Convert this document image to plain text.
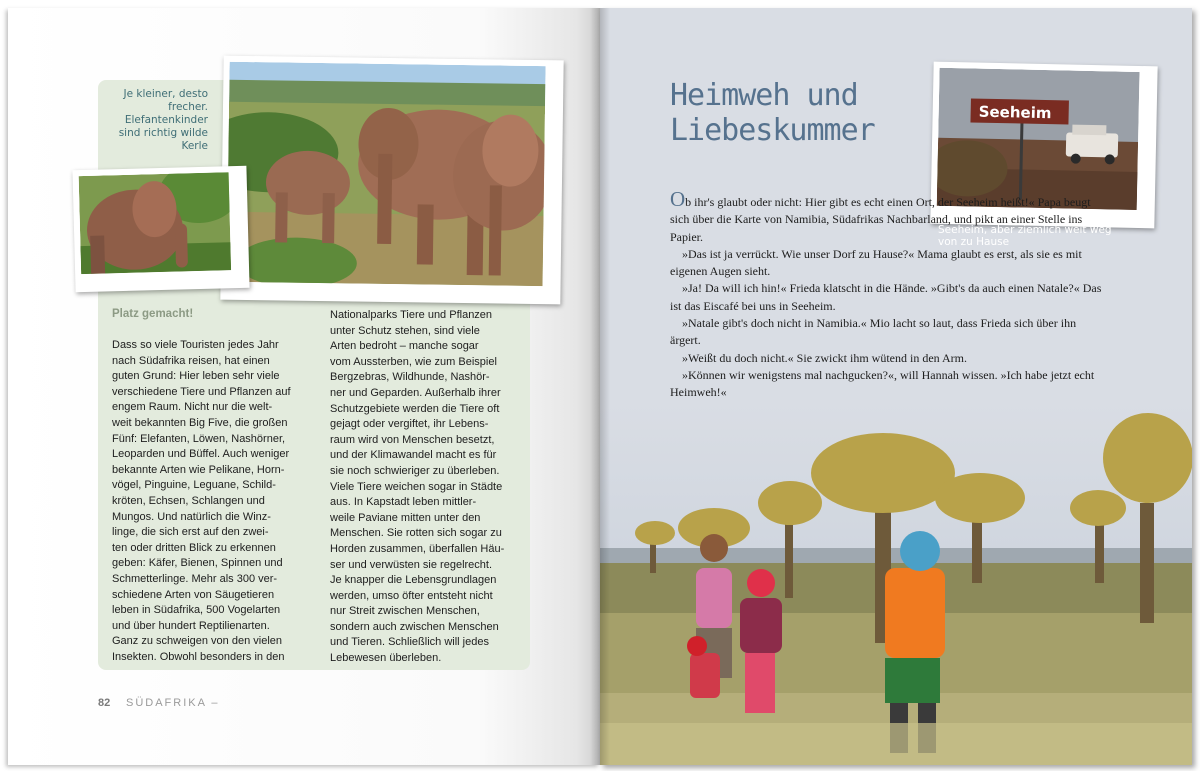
Je kleiner, desto frecher. Elefantenkinder sind richtig wilde Kerle
Platz gemacht!
Dass so viele Touristen jedes Jahr
nach Südafrika reisen, hat einen
guten Grund: Hier leben sehr viele
verschiedene Tiere und Pflanzen auf
engem Raum. Nicht nur die welt-
weit bekannten Big Five, die großen
Fünf: Elefanten, Löwen, Nashörner,
Leoparden und Büffel. Auch weniger
bekannte Arten wie Pelikane, Horn-
vögel, Pinguine, Leguane, Schild-
kröten, Echsen, Schlangen und
Mungos. Und natürlich die Winz-
linge, die sich erst auf den zwei-
ten oder dritten Blick zu erkennen
geben: Käfer, Bienen, Spinnen und
Schmetterlinge. Mehr als 300 ver-
schiedene Arten von Säugetieren
leben in Südafrika, 500 Vogelarten
und über hundert Reptilienarten.
Ganz zu schweigen von den vielen
Insekten. Obwohl besonders in den
Nationalparks Tiere und Pflanzen
unter Schutz stehen, sind viele
Arten bedroht – manche sogar
vom Aussterben, wie zum Beispiel
Bergzebras, Wildhunde, Nashör-
ner und Geparden. Außerhalb ihrer
Schutzgebiete werden die Tiere oft
gejagt oder vergiftet, ihr Lebens-
raum wird von Menschen besetzt,
und der Klimawandel macht es für
sie noch schwieriger zu überleben.
Viele Tiere weichen sogar in Städte
aus. In Kapstadt leben mittler-
weile Paviane mitten unter den
Menschen. Sie rotten sich sogar zu
Horden zusammen, überfallen Häu-
ser und verwüsten sie regelrecht.
Je knapper die Lebensgrundlagen
werden, umso öfter entsteht nicht
nur Streit zwischen Menschen,
sondern auch zwischen Menschen
und Tieren. Schließlich will jedes
Lebewesen überleben.
82 SÜDAFRIKA –
Heimweh und Liebeskummer
Seeheim
Seeheim, aber ziemlich weit weg von zu Hause

Ob ihr's glaubt oder nicht: Hier gibt es echt einen Ort, der Seeheim heißt!« Papa beugt sich über die Karte von Namibia, Südafrikas Nachbarland, und pikt an einer Stelle ins Papier.

»Das ist ja verrückt. Wie unser Dorf zu Hause?« Mama glaubt es erst, als sie es mit eigenen Augen sieht.

»Ja! Da will ich hin!« Frieda klatscht in die Hände. »Gibt's da auch einen Natale?« Das ist das Eiscafé bei uns in Seeheim.

»Natale gibt's doch nicht in Namibia.« Mio lacht so laut, dass Frieda sich über ihn ärgert.

»Weißt du doch nicht.« Sie zwickt ihm wütend in den Arm.

»Können wir wenigstens mal nachgucken?«, will Hannah wissen. »Ich habe jetzt echt Heimweh!«
